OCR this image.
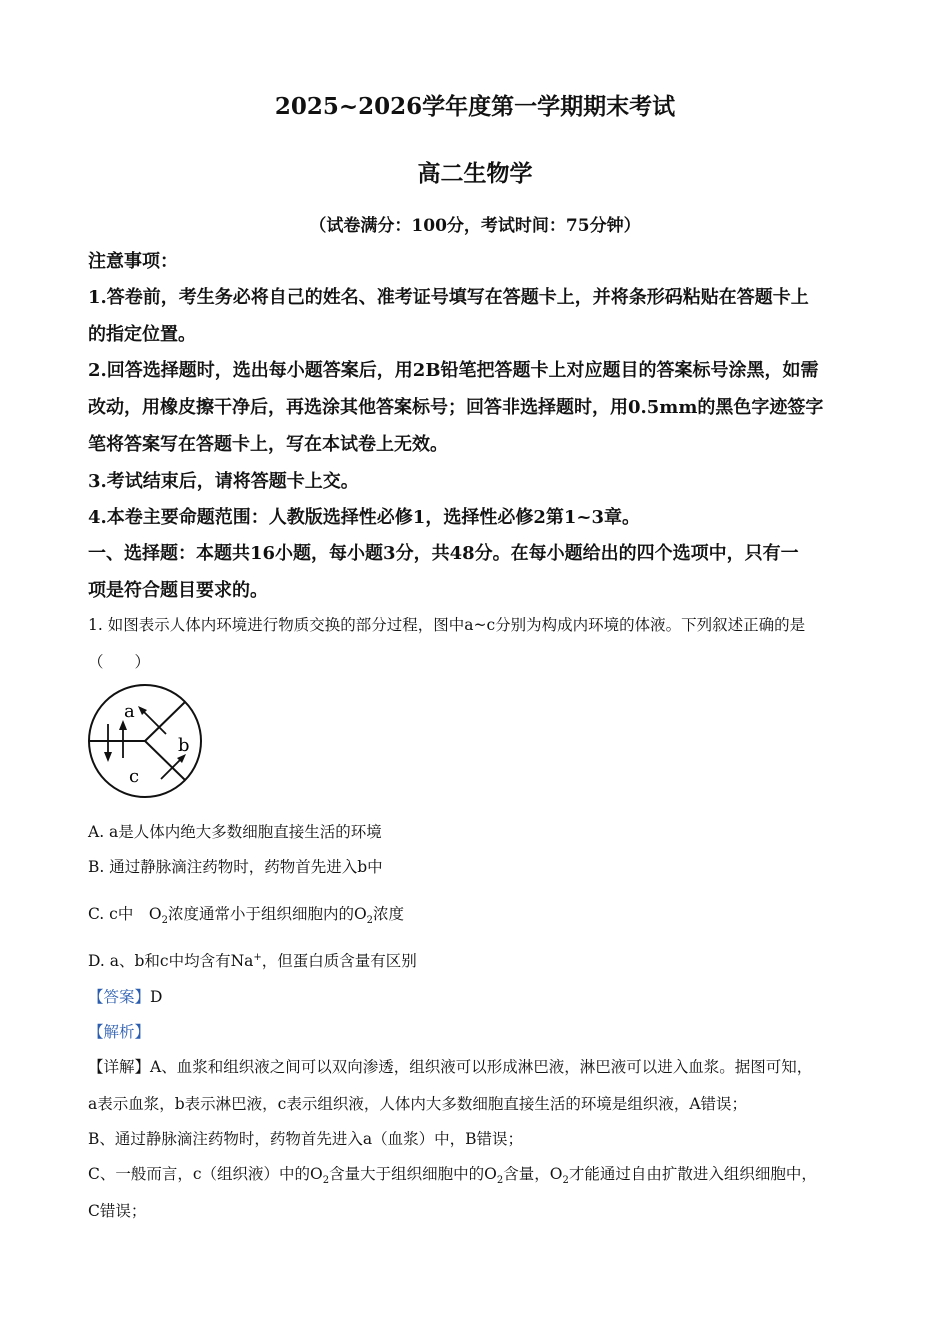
2025~2026学年度第一学期期末考试
高二生物学
（试卷满分：100分，考试时间：75分钟）
注意事项：
1.答卷前，考生务必将自己的姓名、准考证号填写在答题卡上，并将条形码粘贴在答题卡上
的指定位置。
2.回答选择题时，选出每小题答案后，用2B铅笔把答题卡上对应题目的答案标号涂黑，如需
改动，用橡皮擦干净后，再选涂其他答案标号；回答非选择题时，用0.5mm的黑色字迹签字
笔将答案写在答题卡上，写在本试卷上无效。
3.考试结束后，请将答题卡上交。
4.本卷主要命题范围：人教版选择性必修1，选择性必修2第1~3章。
一、选择题：本题共16小题，每小题3分，共48分。在每小题给出的四个选项中，只有一
项是符合题目要求的。
1. 如图表示人体内环境进行物质交换的部分过程，图中a~c分别为构成内环境的体液。下列叙述正确的是
（　　）
a
b
c
A. a是人体内绝大多数细胞直接生活的环境
B. 通过静脉滴注药物时，药物首先进入b中
C. c中　$O_2$浓度通常小于组织细胞内的$O_2$浓度
D. a、b和c中均含有Na+，但蛋白质含量有区别
【答案】D
【解析】
【详解】A、血浆和组织液之间可以双向渗透，组织液可以形成淋巴液，淋巴液可以进入血浆。据图可知，
a表示血浆，b表示淋巴液，c表示组织液，人体内大多数细胞直接生活的环境是组织液，A错误；
B、通过静脉滴注药物时，药物首先进入a（血浆）中，B错误；
C、一般而言，c（组织液）中的$O_2$含量大于组织细胞中的$O_2$含量，$O_2$才能通过自由扩散进入组织细胞中，
C错误；
